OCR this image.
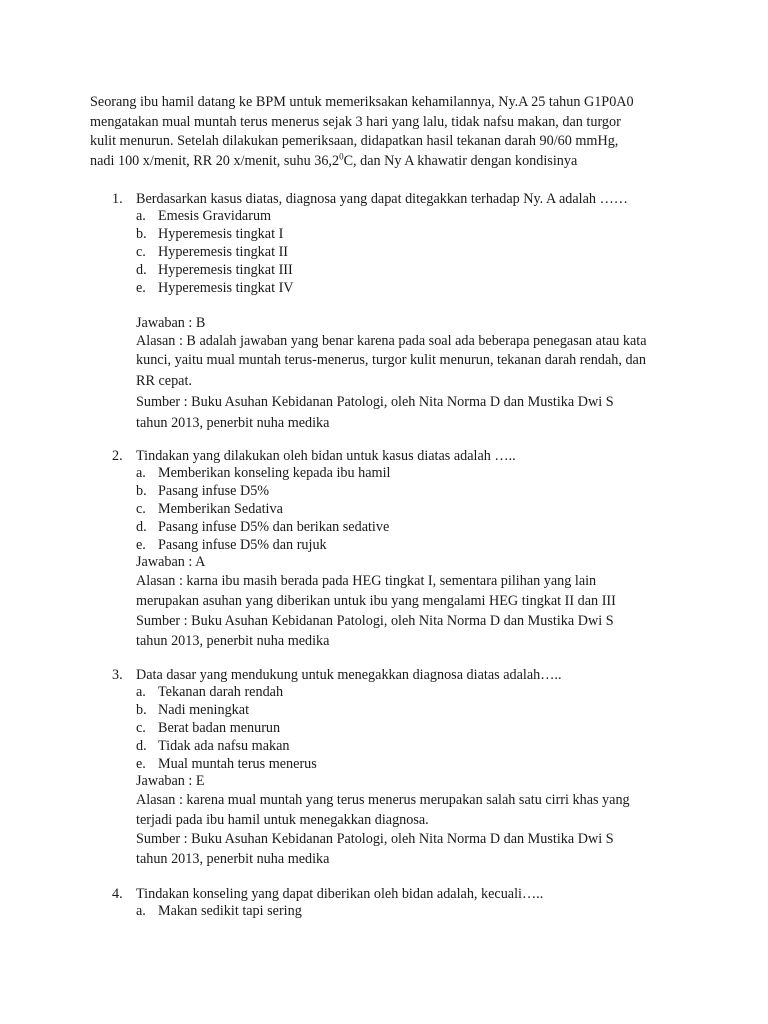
Seorang ibu hamil datang ke BPM untuk memeriksakan kehamilannya, Ny.A 25 tahun G1P0A0

mengatakan mual muntah terus menerus sejak 3 hari yang lalu, tidak nafsu makan, dan turgor

kulit menurun. Setelah dilakukan pemeriksaan, didapatkan hasil tekanan darah 90/60 mmHg,

nadi 100 x/menit, RR 20 x/menit, suhu 36,2$^0$C, dan Ny A khawatir dengan kondisinya

1. Berdasarkan kasus diatas, diagnosa yang dapat ditegakkan terhadap Ny. A adalah ……
a. Emesis Gravidarum
b. Hyperemesis tingkat I
c. Hyperemesis tingkat II
d. Hyperemesis tingkat III
e. Hyperemesis tingkat IV

Jawaban : B

Alasan : B adalah jawaban yang benar karena pada soal ada beberapa penegasan atau kata

kunci, yaitu mual muntah terus-menerus, turgor kulit menurun, tekanan darah rendah, dan

RR cepat.

Sumber : Buku Asuhan Kebidanan Patologi, oleh Nita Norma D dan Mustika Dwi S

tahun 2013, penerbit nuha medika

2. Tindakan yang dilakukan oleh bidan untuk kasus diatas adalah …..
a. Memberikan konseling kepada ibu hamil
b. Pasang infuse D5%
c. Memberikan Sedativa
d. Pasang infuse D5% dan berikan sedative
e. Pasang infuse D5% dan rujuk

Jawaban : A

Alasan : karna ibu masih berada pada HEG tingkat I, sementara pilihan yang lain

merupakan asuhan yang diberikan untuk ibu yang mengalami HEG tingkat II dan III

Sumber : Buku Asuhan Kebidanan Patologi, oleh Nita Norma D dan Mustika Dwi S

tahun 2013, penerbit nuha medika

3. Data dasar yang mendukung untuk menegakkan diagnosa diatas adalah…..
a. Tekanan darah rendah
b. Nadi meningkat
c. Berat badan menurun
d. Tidak ada nafsu makan
e. Mual muntah terus menerus

Jawaban : E

Alasan : karena mual muntah yang terus menerus merupakan salah satu cirri khas yang

terjadi pada ibu hamil untuk menegakkan diagnosa.

Sumber : Buku Asuhan Kebidanan Patologi, oleh Nita Norma D dan Mustika Dwi S

tahun 2013, penerbit nuha medika

4. Tindakan konseling yang dapat diberikan oleh bidan adalah, kecuali…..
a. Makan sedikit tapi sering
